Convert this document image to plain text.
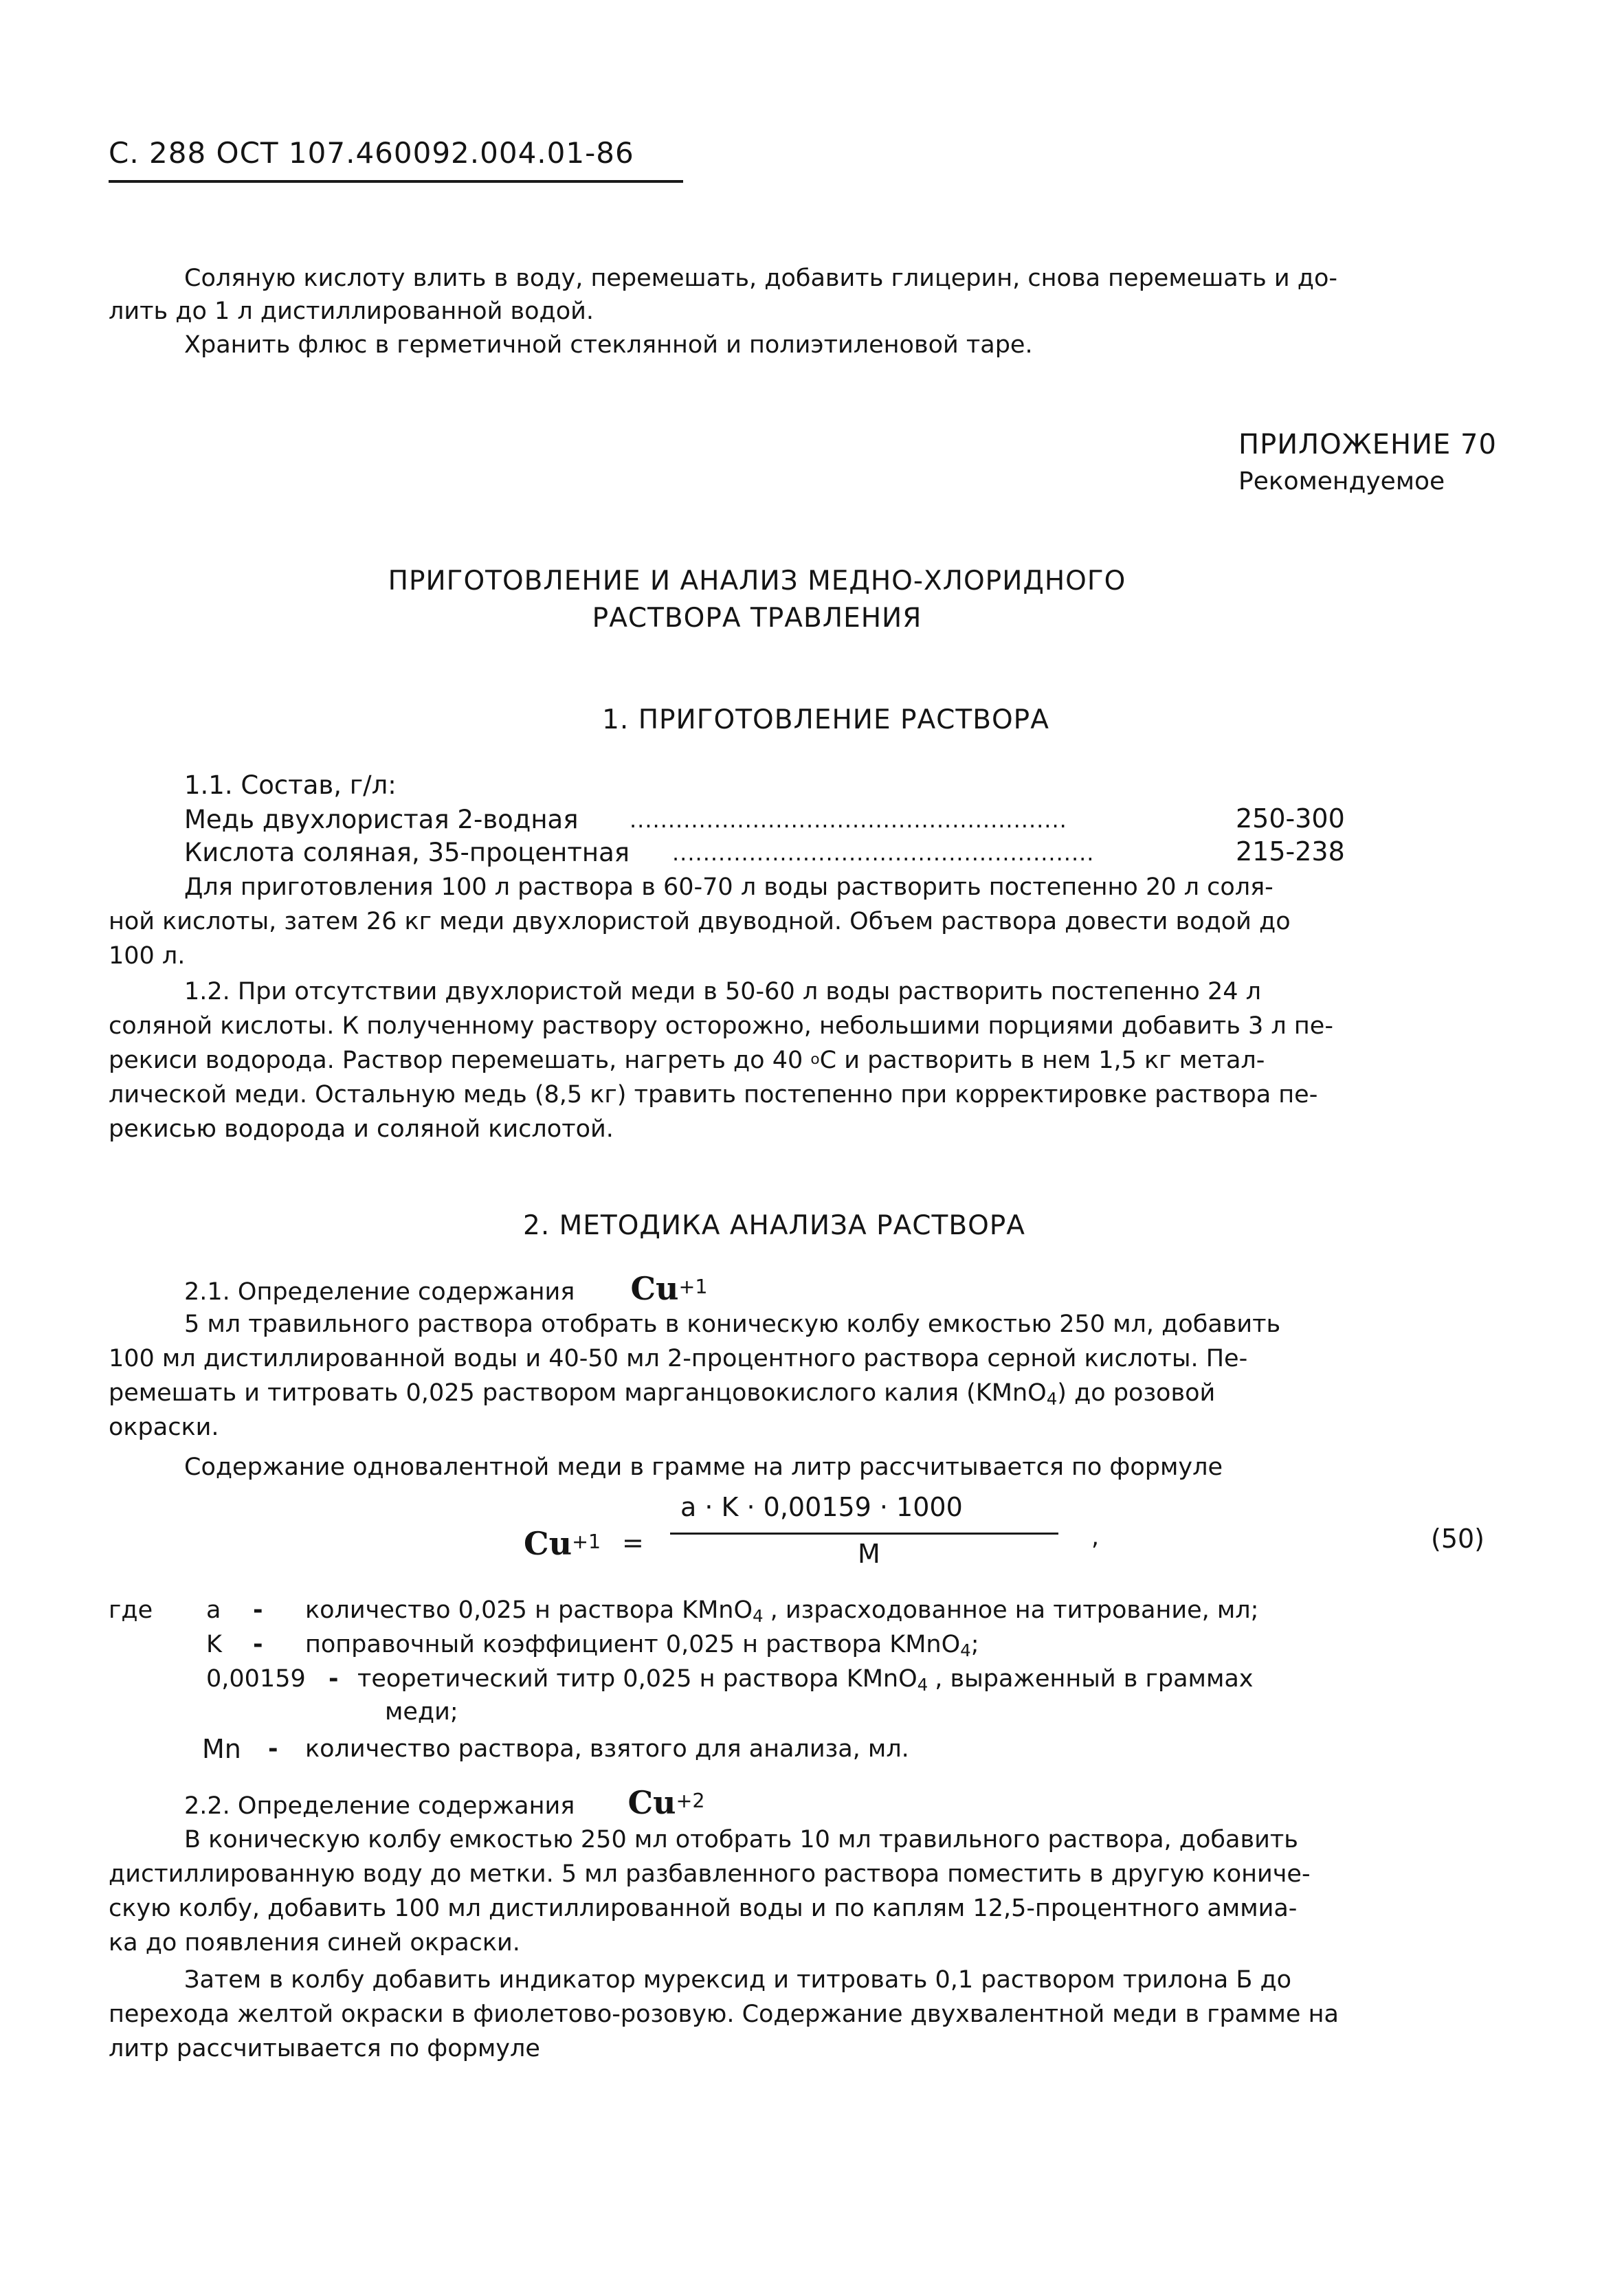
С. 288 ОСТ 107.460092.004.01-86
Соляную кислоту влить в воду, перемешать, добавить глицерин, снова перемешать и до-
лить до 1 л дистиллированной водой.
Хранить флюс в герметичной стеклянной и полиэтиленовой таре.
ПРИЛОЖЕНИЕ 70
Рекомендуемое
ПРИГОТОВЛЕНИЕ И АНАЛИЗ МЕДНО-ХЛОРИДНОГО
РАСТВОРА ТРАВЛЕНИЯ
1. ПРИГОТОВЛЕНИЕ РАСТВОРА
1.1. Состав, г/л:
Медь двухлористая 2-водная .........................................................	250-300
Кислота соляная, 35-процентная .......................................................	215-238
Для приготовления 100 л раствора в 60-70 л воды растворить постепенно 20 л соля-
ной кислоты, затем 26 кг меди двухлористой двуводной. Объем раствора довести водой до
100 л.
1.2. При отсутствии двухлористой меди в 50-60 л воды растворить постепенно 24 л
соляной кислоты. К полученному раствору осторожно, небольшими порциями добавить 3 л пе-
рекиси водорода. Раствор перемешать, нагреть до 40 $^о$С и растворить в нем 1,5 кг метал-
лической меди. Остальную медь (8,5 кг) травить постепенно при корректировке раствора пе-
рекисью водорода и соляной кислотой.
2. МЕТОДИКА АНАЛИЗА РАСТВОРА
2.1. Определение содержания $Cu^{+1}$
5 мл травильного раствора отобрать в коническую колбу емкостью 250 мл, добавить
100 мл дистиллированной воды и 40-50 мл 2-процентного раствора серной кислоты. Пе-
ремешать и титровать 0,025 раствором марганцовокислого калия (KMnO$_4$) до розовой
окраски.
Содержание одновалентной меди в грамме на литр рассчитывается по формуле
$Cu^{+1}$ =
а · K · 0,00159 · 1000
M
,	(50)
где а - количество 0,025 н раствора KMnO$_4$ , израсходованное на титрование, мл;
K - поправочный коэффициент 0,025 н раствора KMnO$_4$;
0,00159 - теоретический титр 0,025 н раствора KMnO$_4$ , выраженный в граммах
меди;
Mn - количество раствора, взятого для анализа, мл.
2.2. Определение содержания $Cu^{+2}$
В коническую колбу емкостью 250 мл отобрать 10 мл травильного раствора, добавить
дистиллированную воду до метки. 5 мл разбавленного раствора поместить в другую кониче-
скую колбу, добавить 100 мл дистиллированной воды и по каплям 12,5-процентного аммиа-
ка до появления синей окраски.
Затем в колбу добавить индикатор мурексид и титровать 0,1 раствором трилона Б до
перехода желтой окраски в фиолетово-розовую. Содержание двухвалентной меди в грамме на
литр рассчитывается по формуле
